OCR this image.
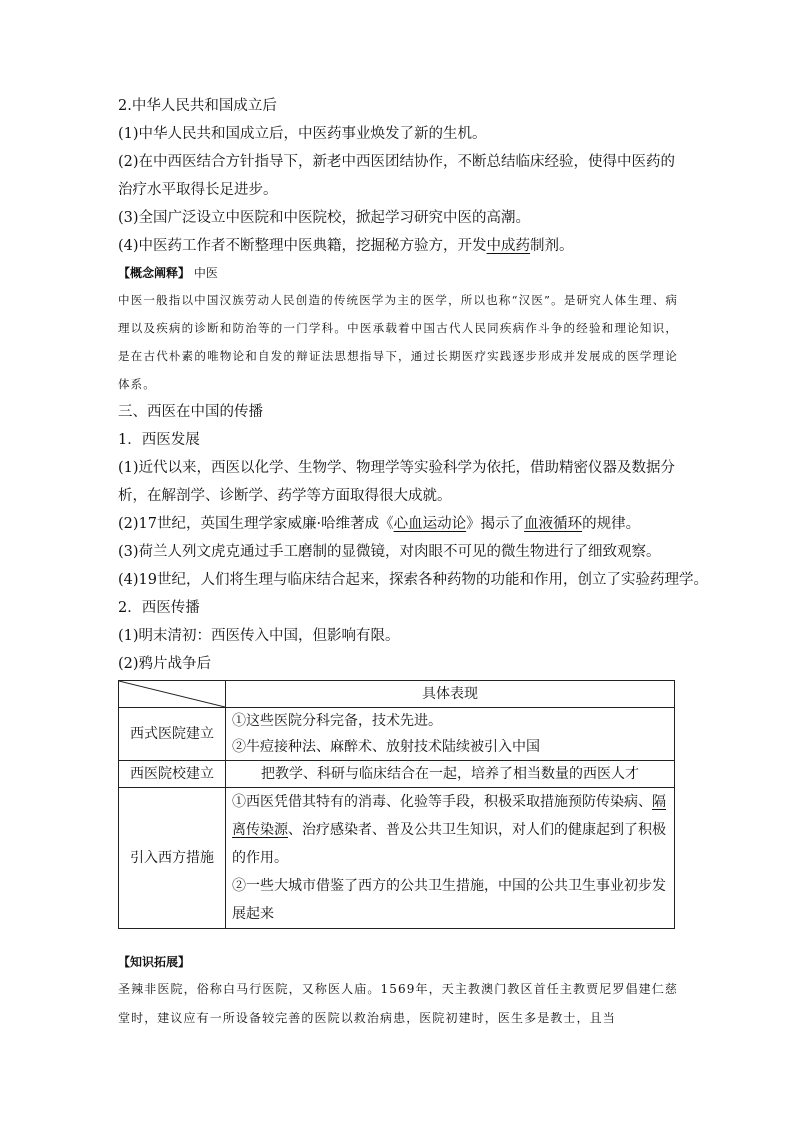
2.中华人民共和国成立后
(1)中华人民共和国成立后，中医药事业焕发了新的生机。
(2)在中西医结合方针指导下，新老中西医团结协作，不断总结临床经验，使得中医药的治疗水平取得长足进步。
(3)全国广泛设立中医院和中医院校，掀起学习研究中医的高潮。
(4)中医药工作者不断整理中医典籍，挖掘秘方验方，开发中成药制剂。
【概念阐释】 中医

中医一般指以中国汉族劳动人民创造的传统医学为主的医学，所以也称“汉医”。是研究人体生理、病理以及疾病的诊断和防治等的一门学科。中医承载着中国古代人民同疾病作斗争的经验和理论知识，是在古代朴素的唯物论和自发的辩证法思想指导下，通过长期医疗实践逐步形成并发展成的医学理论体系。

三、西医在中国的传播
1．西医发展
(1)近代以来，西医以化学、生物学、物理学等实验科学为依托，借助精密仪器及数据分析，在解剖学、诊断学、药学等方面取得很大成就。
(2)17世纪，英国生理学家威廉·哈维著成《心血运动论》揭示了血液循环的规律。
(3)荷兰人列文虎克通过手工磨制的显微镜，对肉眼不可见的微生物进行了细致观察。
(4)19世纪，人们将生理与临床结合起来，探索各种药物的功能和作用，创立了实验药理学。
2．西医传播
(1)明末清初：西医传入中国，但影响有限。
(2)鸦片战争后
	具体表现
西式医院建立	①这些医院分科完备，技术先进。
②牛痘接种法、麻醉术、放射技术陆续被引入中国

西医院校建立	把教学、科研与临床结合在一起，培养了相当数量的西医人才
引入西方措施	①西医凭借其特有的消毒、化验等手段，积极采取措施预防传染病、隔离传染源、治疗感染者、普及公共卫生知识，对人们的健康起到了积极的作用。
②一些大城市借鉴了西方的公共卫生措施，中国的公共卫生事业初步发展起来
【知识拓展】
圣辣非医院，俗称白马行医院，又称医人庙。1569年，天主教澳门教区首任主教贾尼罗倡建仁慈堂时，建议应有一所设备较完善的医院以救治病患，医院初建时，医生多是教士，且当
